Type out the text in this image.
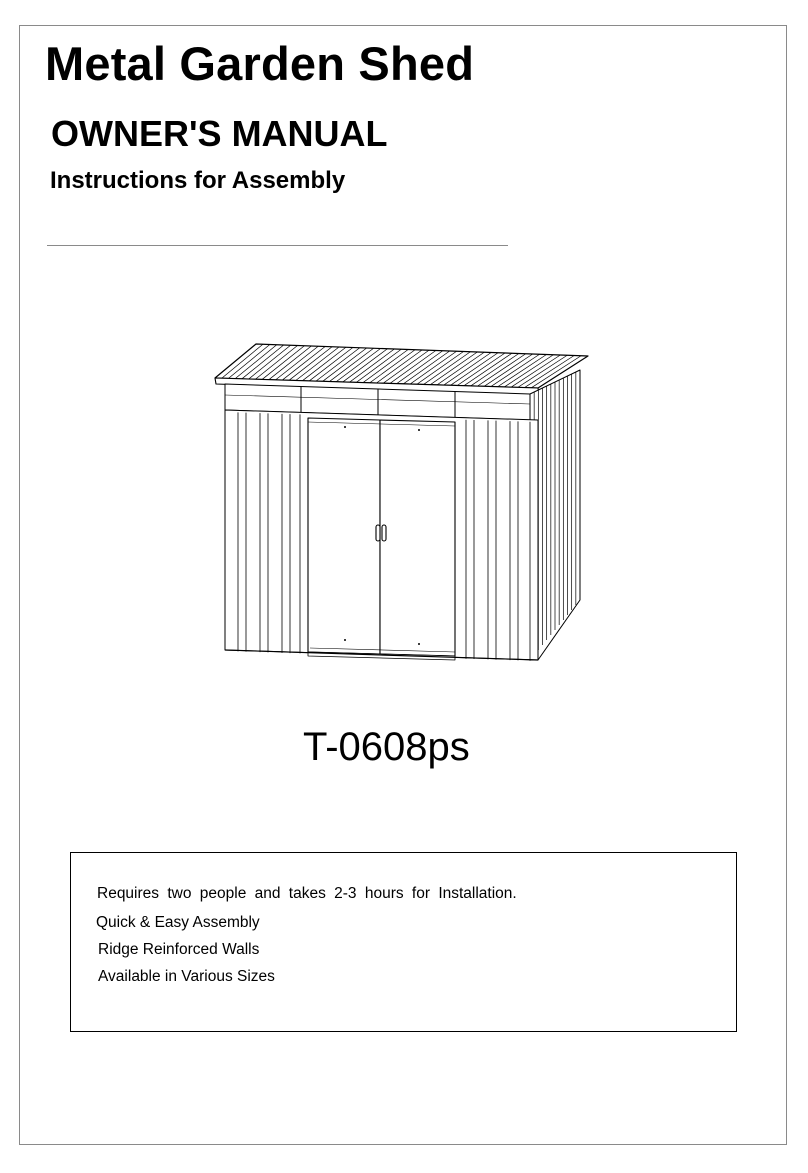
Metal Garden Shed
OWNER'S MANUAL
Instructions for Assembly
T-0608ps
Requires two people and takes 2-3 hours for Installation.
Quick & Easy Assembly
Ridge Reinforced Walls
Available in Various Sizes
